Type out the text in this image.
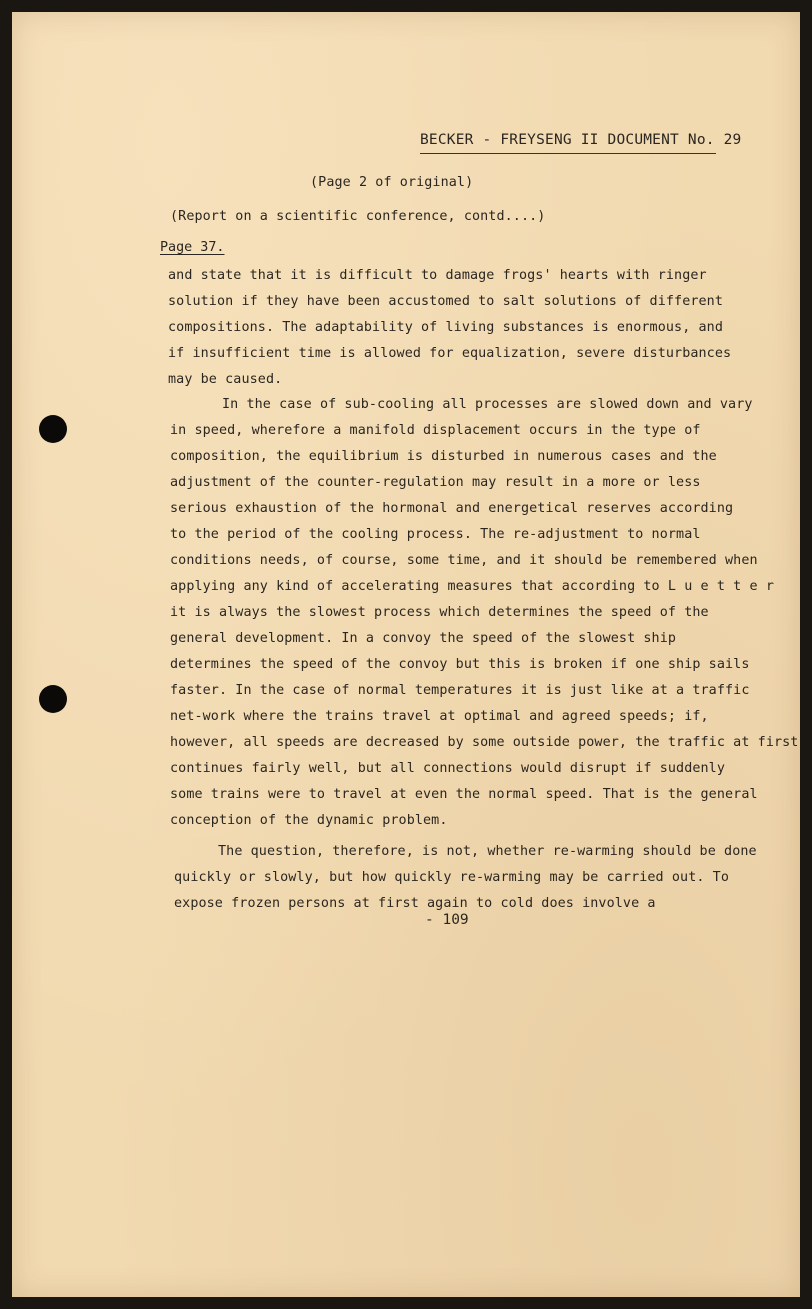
BECKER - FREYSENG II DOCUMENT No. 29
(Page 2 of original)
(Report on a scientific conference, contd....)
Page 37.
and state that it is difficult to damage frogs' hearts with ringer
solution if they have been accustomed to salt solutions of different
compositions. The adaptability of living substances is enormous, and
if insufficient time is allowed for equalization, severe disturbances
may be caused.
In the case of sub-cooling all processes are slowed down and vary
in speed, wherefore a manifold displacement occurs in the type of
composition, the equilibrium is disturbed in numerous cases and the
adjustment of the counter-regulation may result in a more or less
serious exhaustion of the hormonal and energetical reserves according
to the period of the cooling process. The re-adjustment to normal
conditions needs, of course, some time, and it should be remembered when
applying any kind of accelerating measures that according to L u e t t e r
it is always the slowest process which determines the speed of the
general development. In a convoy the speed of the slowest ship
determines the speed of the convoy but this is broken if one ship sails
faster. In the case of normal temperatures it is just like at a traffic
net-work where the trains travel at optimal and agreed speeds; if,
however, all speeds are decreased by some outside power, the traffic at first
continues fairly well, but all connections would disrupt if suddenly
some trains were to travel at even the normal speed. That is the general
conception of the dynamic problem.
The question, therefore, is not, whether re-warming should be done
quickly or slowly, but how quickly re-warming may be carried out. To
expose frozen persons at first again to cold does involve a
- 109
